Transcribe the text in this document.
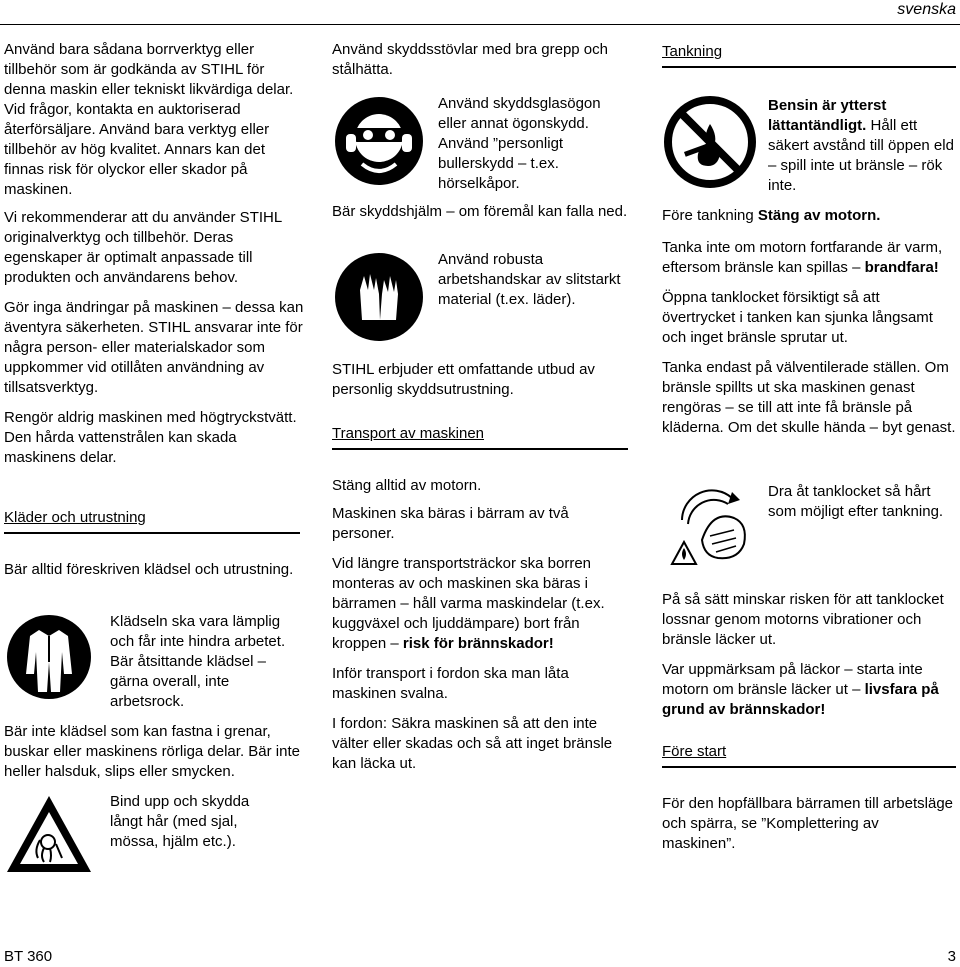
svenska

Använd bara sådana borrverktyg eller tillbehör som är godkända av STIHL för denna maskin eller tekniskt likvärdiga delar. Vid frågor, kontakta en auktoriserad återförsäljare. Använd bara verktyg eller tillbehör av hög kvalitet. Annars kan det finnas risk för olyckor eller skador på maskinen.

Vi rekommenderar att du använder STIHL originalverktyg och tillbehör. Deras egenskaper är optimalt anpassade till produkten och användarens behov.

Gör inga ändringar på maskinen – dessa kan äventyra säkerheten. STIHL ansvarar inte för några person- eller materialskador som uppkommer vid otillåten användning av tillsatsverktyg.

Rengör aldrig maskinen med högtryckstvätt. Den hårda vattenstrålen kan skada maskinens delar.

Kläder och utrustning

Bär alltid föreskriven klädsel och utrustning.

Klädseln ska vara lämplig och får inte hindra arbetet. Bär åtsittande klädsel – gärna overall, inte arbetsrock.

Bär inte klädsel som kan fastna i grenar, buskar eller maskinens rörliga delar. Bär inte heller halsduk, slips eller smycken.

Bind upp och skydda långt hår (med sjal, mössa, hjälm etc.).

Använd skyddsstövlar med bra grepp och stålhätta.

Använd skyddsglasögon eller annat ögonskydd. Använd ”personligt bullerskydd – t.ex. hörselkåpor.

Bär skyddshjälm – om föremål kan falla ned.

Använd robusta arbetshandskar av slitstarkt material (t.ex. läder).

STIHL erbjuder ett omfattande utbud av personlig skyddsutrustning.

Transport av maskinen

Stäng alltid av motorn.

Maskinen ska bäras i bärram av två personer.

Vid längre transportsträckor ska borren monteras av och maskinen ska bäras i bärramen – håll varma maskindelar (t.ex. kuggväxel och ljuddämpare) bort från kroppen – risk för brännskador!

Inför transport i fordon ska man låta maskinen svalna.

I fordon: Säkra maskinen så att den inte välter eller skadas och så att inget bränsle kan läcka ut.

Tankning
Bensin är ytterst lättantändligt. Håll ett säkert avstånd till öppen eld – spill inte ut bränsle – rök inte.

Före tankning Stäng av motorn.

Tanka inte om motorn fortfarande är varm, eftersom bränsle kan spillas – brandfara!

Öppna tanklocket försiktigt så att övertrycket i tanken kan sjunka långsamt och inget bränsle sprutar ut.

Tanka endast på välventilerade ställen. Om bränsle spillts ut ska maskinen genast rengöras – se till att inte få bränsle på kläderna. Om det skulle hända – byt genast.

Dra åt tanklocket så hårt som möjligt efter tankning.

På så sätt minskar risken för att tanklocket lossnar genom motorns vibrationer och bränsle läcker ut.

Var uppmärksam på läckor – starta inte motorn om bränsle läcker ut – livsfara på grund av brännskador!

Före start

För den hopfällbara bärramen till arbetsläge och spärra, se ”Komplettering av maskinen”.

BT 360	3
